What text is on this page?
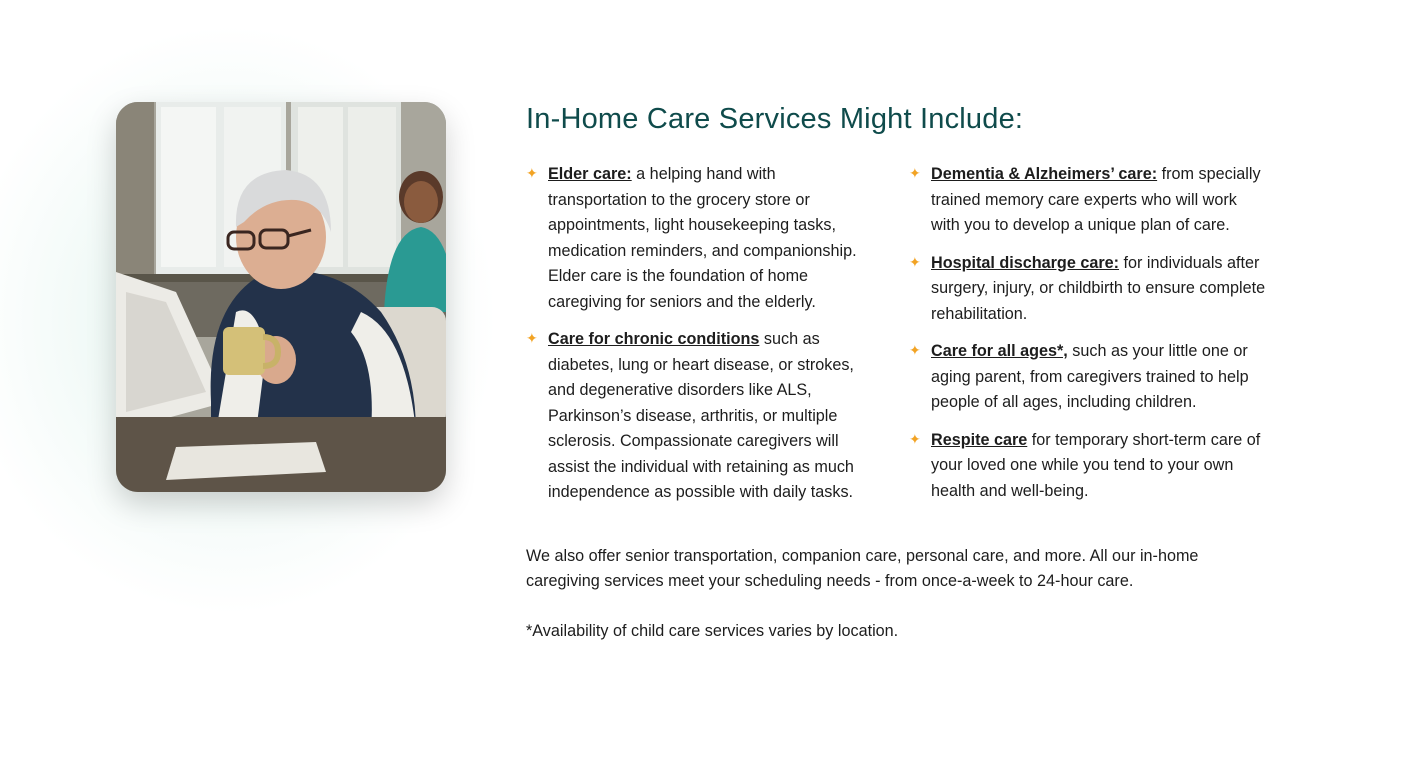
In-Home Care Services Might Include:
✦ Elder care: a helping hand with transportation to the grocery store or appointments, light housekeeping tasks, medication reminders, and companionship. Elder care is the foundation of home caregiving for seniors and the elderly.
✦ Care for chronic conditions such as diabetes, lung or heart disease, or strokes, and degenerative disorders like ALS, Parkinson’s disease, arthritis, or multiple sclerosis. Compassionate caregivers will assist the individual with retaining as much independence as possible with daily tasks.
✦ Dementia & Alzheimers’ care: from specially trained memory care experts who will work with you to develop a unique plan of care.
✦ Hospital discharge care: for individuals after surgery, injury, or childbirth to ensure complete rehabilitation.
✦ Care for all ages*, such as your little one or aging parent, from caregivers trained to help people of all ages, including children.
✦ Respite care for temporary short-term care of your loved one while you tend to your own health and well-being.

We also offer senior transportation, companion care, personal care, and more. All our in-home caregiving services meet your scheduling needs - from once-a-week to 24-hour care.

*Availability of child care services varies by location.
